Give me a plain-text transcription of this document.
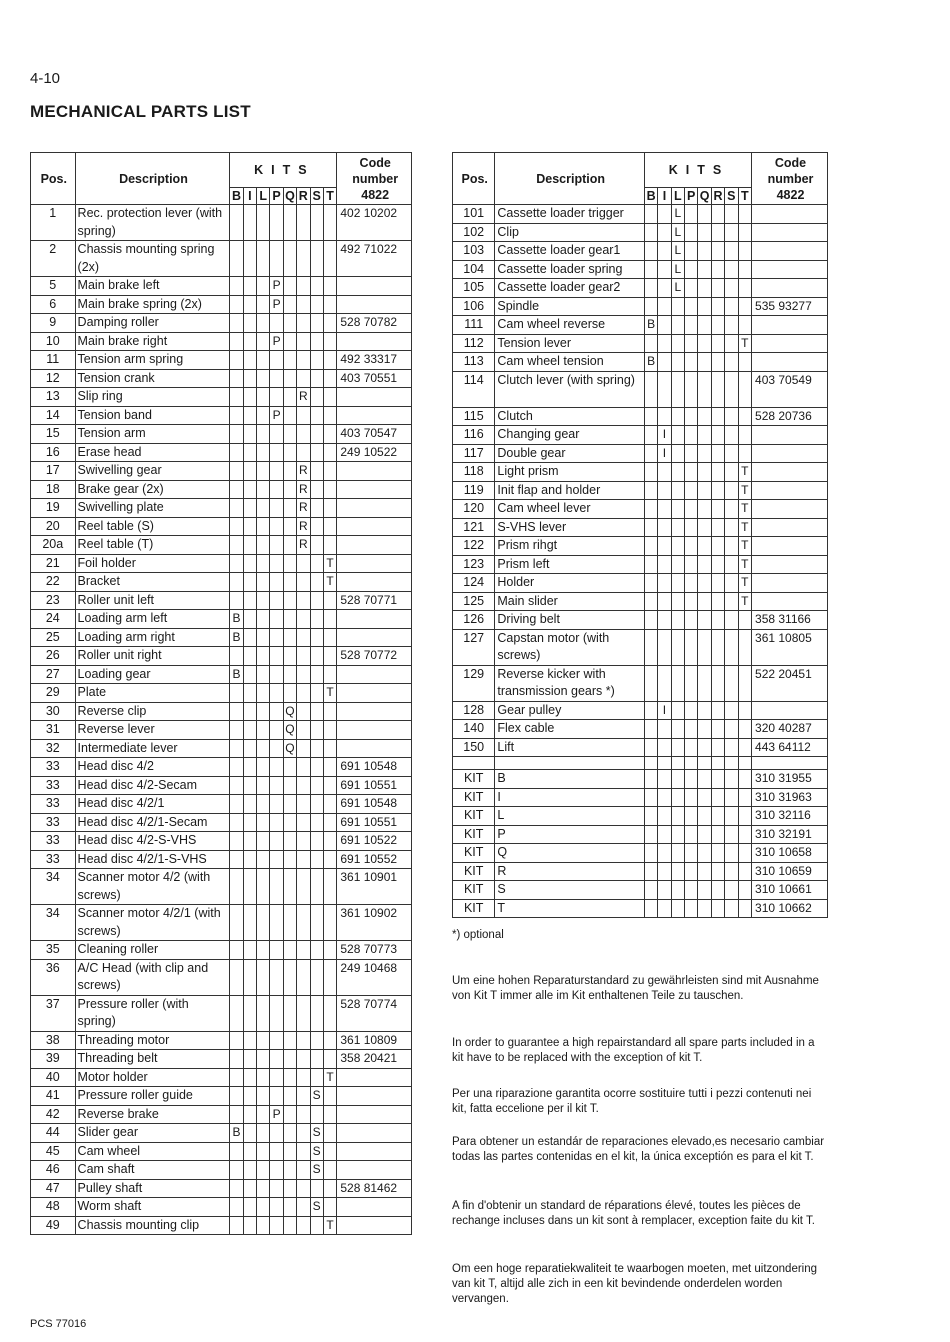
4-10
MECHANICAL PARTS LIST
Pos.	Description	KITS								Code
number
4822
		B	I	L	P	Q	R	S	T	
1	Rec. protection lever (with spring)									402 10202
2	Chassis mounting spring (2x)									492 71022
5	Main brake left				P					
6	Main brake spring (2x)				P					
9	Damping roller									528 70782
10	Main brake right				P					
11	Tension arm spring									492 33317
12	Tension crank									403 70551
13	Slip ring						R			
14	Tension band				P					
15	Tension arm									403 70547
16	Erase head									249 10522
17	Swivelling gear						R			
18	Brake gear (2x)						R			
19	Swivelling plate						R			
20	Reel table (S)						R			
20a	Reel table (T)						R			
21	Foil holder								T	
22	Bracket								T	
23	Roller unit left									528 70771
24	Loading arm left	B								
25	Loading arm right	B								
26	Roller unit right									528 70772
27	Loading gear	B								
29	Plate								T	
30	Reverse clip					Q				
31	Reverse lever					Q				
32	Intermediate lever					Q				
33	Head disc 4/2									691 10548
33	Head disc 4/2-Secam									691 10551
33	Head disc 4/2/1									691 10548
33	Head disc 4/2/1-Secam									691 10551
33	Head disc 4/2-S-VHS									691 10522
33	Head disc 4/2/1-S-VHS									691 10552
34	Scanner motor 4/2 (with screws)									361 10901
34	Scanner motor 4/2/1 (with screws)									361 10902
35	Cleaning roller									528 70773
36	A/C Head (with clip and screws)									249 10468
37	Pressure roller (with spring)									528 70774
38	Threading motor									361 10809
39	Threading belt									358 20421
40	Motor holder								T	
41	Pressure roller guide							S		
42	Reverse brake				P					
44	Slider gear	B						S		
45	Cam wheel							S		
46	Cam shaft							S		
47	Pulley shaft									528 81462
48	Worm shaft							S		
49	Chassis mounting clip								T	
Pos.	Description	KITS								Code
number
4822
		B	I	L	P	Q	R	S	T	
101	Cassette loader trigger			L						
102	Clip			L						
103	Cassette loader gear1			L						
104	Cassette loader spring			L						
105	Cassette loader gear2			L						
106	Spindle									535 93277
111	Cam wheel reverse	B								
112	Tension lever								T	
113	Cam wheel tension	B								
114	Clutch lever (with spring)									403 70549
115	Clutch									528 20736
116	Changing gear		I							
117	Double gear		I							
118	Light prism								T	
119	Init flap and holder								T	
120	Cam wheel lever								T	
121	S-VHS lever								T	
122	Prism rihgt								T	
123	Prism left								T	
124	Holder								T	
125	Main slider								T	
126	Driving belt									358 31166
127	Capstan motor (with screws)									361 10805
129	Reverse kicker with transmission gears *)									522 20451
128	Gear pulley		I							
140	Flex cable									320 40287
150	Lift									443 64112

KIT	B									310 31955
KIT	I									310 31963
KIT	L									310 32116
KIT	P									310 32191
KIT	Q									310 10658
KIT	R									310 10659
KIT	S									310 10661
KIT	T									310 10662
*) optional
Um eine hohen Reparaturstandard zu gewährleisten sind mit Ausnahme von Kit T immer alle im Kit enthaltenen Teile zu tauschen.
In order to guarantee a high repairstandard all spare parts included in a kit have to be replaced with the exception of kit T.
Per una riparazione garantita ocorre sostituire tutti i pezzi contenuti nei kit, fatta eccelione per il kit T.
Para obtener un estandár de reparaciones elevado,es necesario cambiar todas las partes contenidas en el kit, la única exceptión es para el kit T.
A fin d'obtenir un standard de réparations élevé, toutes les pièces de rechange incluses dans un kit sont à remplacer, exception faite du kit T.
Om een hoge reparatiekwaliteit te waarbogen moeten, met uitzondering van kit T, altijd alle zich in een kit bevindende onderdelen worden vervangen.
PCS 77016
